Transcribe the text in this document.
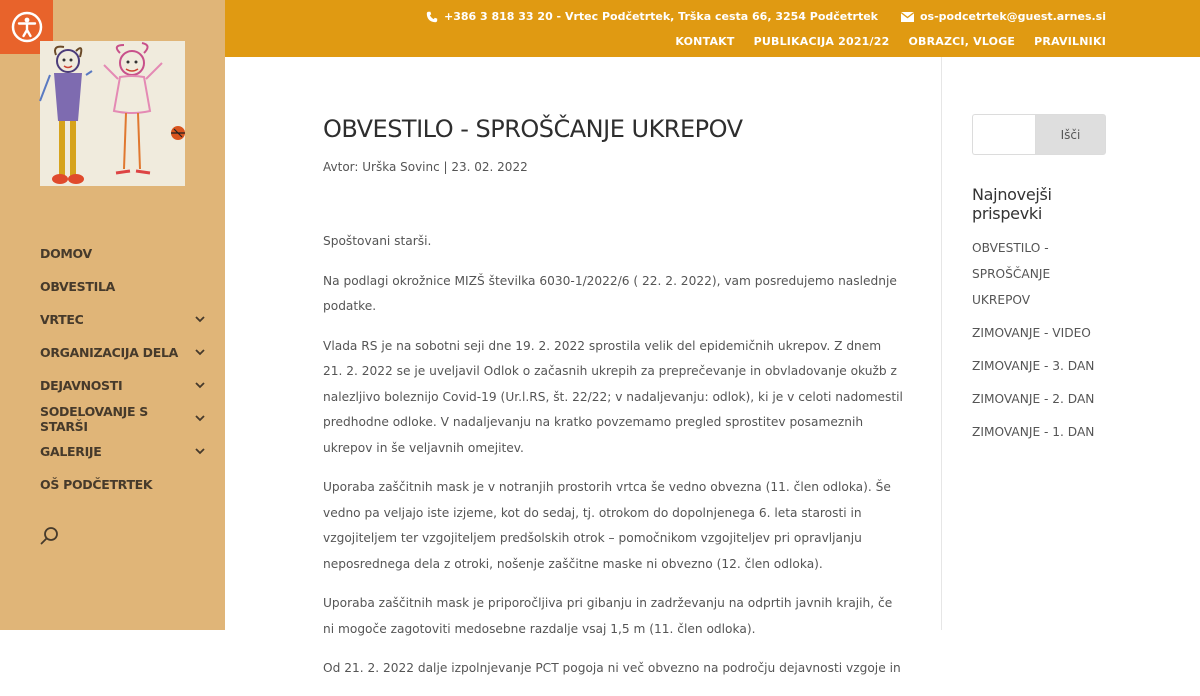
DOMOV
OBVESTILA
VRTEC
ORGANIZACIJA DELA
DEJAVNOSTI
SODELOVANJE S STARŠI
GALERIJE
OŠ PODČETRTEK
+386 3 818 33 20 - Vrtec Podčetrtek, Trška cesta 66, 3254 Podčetrtek	os-podcetrtek@guest.arnes.si
KONTAKT PUBLIKACIJA 2021/22 OBRAZCI, VLOGE PRAVILNIKI
OBVESTILO - SPROŠČANJE UKREPOV
Avtor: Urška Sovinc | 23. 02. 2022

Spoštovani starši.

Na podlagi okrožnice MIZŠ številka 6030-1/2022/6 ( 22. 2. 2022), vam posredujemo naslednje podatke.

Vlada RS je na sobotni seji dne 19. 2. 2022 sprostila velik del epidemičnih ukrepov. Z dnem 21. 2. 2022 se je uveljavil Odlok o začasnih ukrepih za preprečevanje in obvladovanje okužb z nalezljivo boleznijo Covid-19 (Ur.l.RS, št. 22/22; v nadaljevanju: odlok), ki je v celoti nadomestil predhodne odloke. V nadaljevanju na kratko povzemamo pregled sprostitev posameznih ukrepov in še veljavnih omejitev.

Uporaba zaščitnih mask je v notranjih prostorih vrtca še vedno obvezna (11. člen odloka). Še vedno pa veljajo iste izjeme, kot do sedaj, tj. otrokom do dopolnjenega 6. leta starosti in vzgojiteljem ter vzgojiteljem predšolskih otrok – pomočnikom vzgojiteljev pri opravljanju neposrednega dela z otroki, nošenje zaščitne maske ni obvezno (12. člen odloka).

Uporaba zaščitnih mask je priporočljiva pri gibanju in zadrževanju na odprtih javnih krajih, če ni mogoče zagotoviti medosebne razdalje vsaj 1,5 m (11. člen odloka).

Od 21. 2. 2022 dalje izpolnjevanje PCT pogoja ni več obvezno na področju dejavnosti vzgoje in

Išči
Najnovejši prispevki
OBVESTILO - SPROŠČANJE UKREPOV
ZIMOVANJE - VIDEO
ZIMOVANJE - 3. DAN
ZIMOVANJE - 2. DAN
ZIMOVANJE - 1. DAN
